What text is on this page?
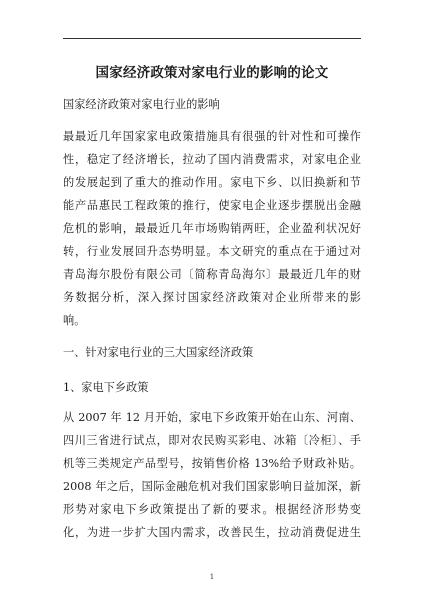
国家经济政策对家电行业的影响的论文
国家经济政策对家电行业的影响
最最近几年国家家电政策措施具有很强的针对性和可操作
性，稳定了经济增长，拉动了国内消费需求，对家电企业
的发展起到了重大的推动作用。家电下乡、以旧换新和节
能产品惠民工程政策的推行，使家电企业逐步摆脱出金融
危机的影响，最最近几年市场购销两旺，企业盈利状况好
转，行业发展回升态势明显。本文研究的重点在于通过对
青岛海尔股份有限公司〔简称青岛海尔〕最最近几年的财
务数据分析，深入探讨国家经济政策对企业所带来的影
响。
一、针对家电行业的三大国家经济政策
1、家电下乡政策
从 2007 年 12 月开始，家电下乡政策开始在山东、河南、
四川三省进行试点，即对农民购买彩电、冰箱〔冷柜〕、手
机等三类规定产品型号，按销售价格 13%给予财政补贴。
2008 年之后，国际金融危机对我们国家影响日益加深，新
形势对家电下乡政策提出了新的要求。根据经济形势变
化，为进一步扩大国内需求，改善民生，拉动消费促进生
1
